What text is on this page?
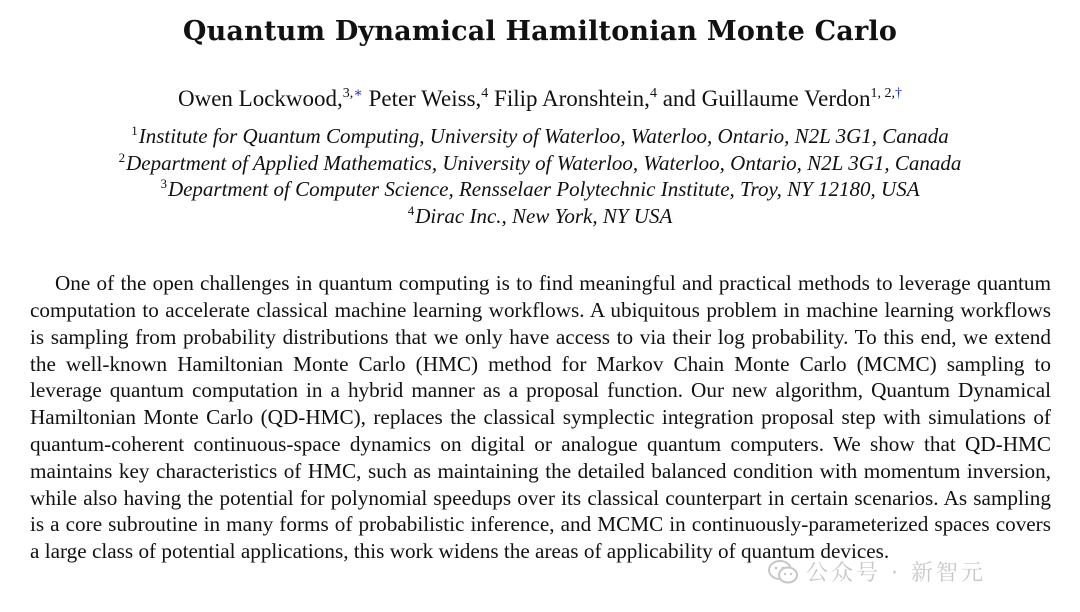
Quantum Dynamical Hamiltonian Monte Carlo
Owen Lockwood,$^{3,∗}$ Peter Weiss,$^4$ Filip Aronshtein,$^4$ and Guillaume Verdon$^{1, 2,\dagger}$
$^1$Institute for Quantum Computing, University of Waterloo, Waterloo, Ontario, N2L 3G1, Canada
$^2$Department of Applied Mathematics, University of Waterloo, Waterloo, Ontario, N2L 3G1, Canada
$^3$Department of Computer Science, Rensselaer Polytechnic Institute, Troy, NY 12180, USA
$^4$Dirac Inc., New York, NY USA

One of the open challenges in quantum computing is to find meaningful and practical methods to leverage quantum computation to accelerate classical machine learning workflows. A ubiquitous problem in machine learning workflows is sampling from probability distributions that we only have access to via their log probability. To this end, we extend the well-known Hamiltonian Monte Carlo (HMC) method for Markov Chain Monte Carlo (MCMC) sampling to leverage quantum computation in a hybrid manner as a proposal function. Our new algorithm, Quantum Dynamical Hamiltonian Monte Carlo (QD-HMC), replaces the classical symplectic integration proposal step with simulations of quantum-coherent continuous-space dynamics on digital or analogue quantum computers. We show that QD-HMC maintains key characteristics of HMC, such as maintaining the detailed balanced condition with momentum inversion, while also having the potential for polynomial speedups over its classical counterpart in certain scenarios. As sampling is a core subroutine in many forms of probabilistic inference, and MCMC in continuously-parameterized spaces covers a large class of potential applications, this work widens the areas of applicability of quantum devices.

公众号 · 新智元
